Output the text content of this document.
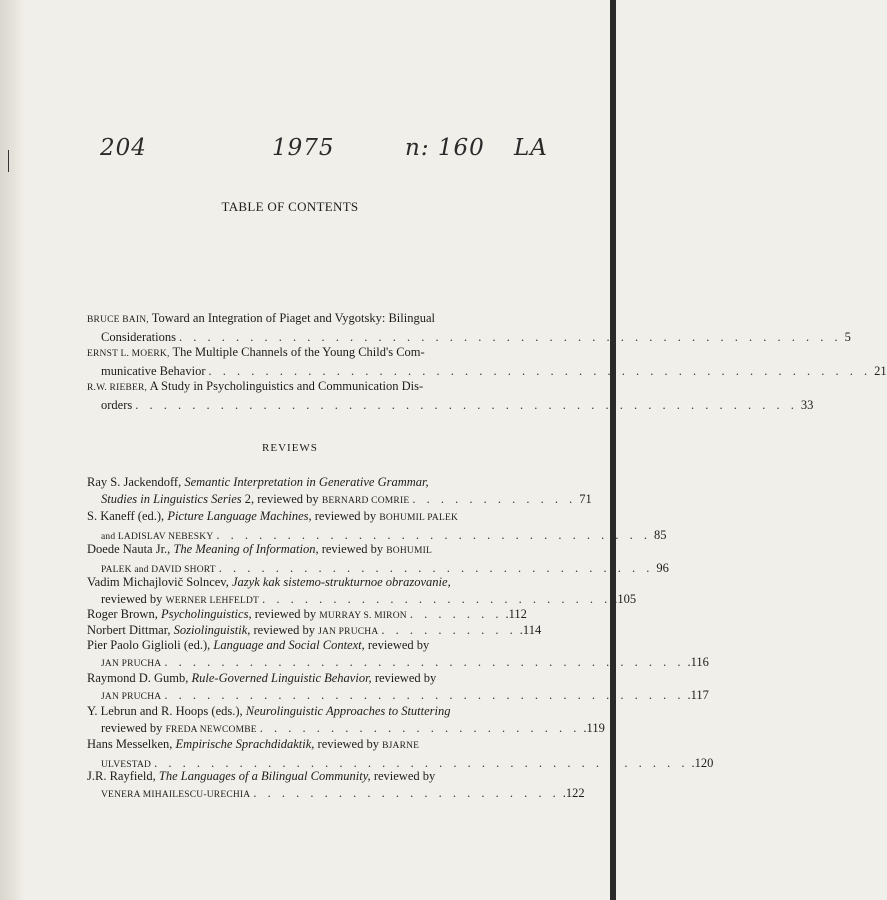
204	1975	n: 160 LA
TABLE OF CONTENTS
BRUCE BAIN, Toward an Integration of Piaget and Vygotsky: Bilingual
Considerations . . . . . . . . . . . . . . . . . . . . . . . . . . . . . . . . . . . . . . . . . . . . . . . 5
ERNST L. MOERK, The Multiple Channels of the Young Child's Com-
municative Behavior . . . . . . . . . . . . . . . . . . . . . . . . . . . . . . . . . . . . . . . . . . . . . . . 21
R.W. RIEBER, A Study in Psycholinguistics and Communication Dis-
orders . . . . . . . . . . . . . . . . . . . . . . . . . . . . . . . . . . . . . . . . . . . . . . . 33
REVIEWS
Ray S. Jackendoff, Semantic Interpretation in Generative Grammar,
Studies in Linguistics Series 2, reviewed by BERNARD COMRIE . . . . . . . . . . . . 71
S. Kaneff (ed.), Picture Language Machines, reviewed by BOHUMIL PALEK
and LADISLAV NEBESKY . . . . . . . . . . . . . . . . . . . . . . . . . . . . . . . 85
Doede Nauta Jr., The Meaning of Information, reviewed by BOHUMIL
PALEK and DAVID SHORT . . . . . . . . . . . . . . . . . . . . . . . . . . . . . . . 96
Vadim Michajlovič Solncev, Jazyk kak sistemo-strukturnoe obrazovanie,
reviewed by WERNER LEHFELDT . . . . . . . . . . . . . . . . . . . . . . . . . .105
Roger Brown, Psycholinguistics, reviewed by MURRAY S. MIRON . . . . . . . .112
Norbert Dittmar, Soziolinguistik, reviewed by JAN PRUCHA . . . . . . . . . . .114
Pier Paolo Giglioli (ed.), Language and Social Context, reviewed by
JAN PRUCHA . . . . . . . . . . . . . . . . . . . . . . . . . . . . . . . . . . . . . .116
Raymond D. Gumb, Rule-Governed Linguistic Behavior, reviewed by
JAN PRUCHA . . . . . . . . . . . . . . . . . . . . . . . . . . . . . . . . . . . . . .117
Y. Lebrun and R. Hoops (eds.), Neurolinguistic Approaches to Stuttering
reviewed by FREDA NEWCOMBE . . . . . . . . . . . . . . . . . . . . . . . .119
Hans Messelken, Empirische Sprachdidaktik, reviewed by BJARNE
ULVESTAD . . . . . . . . . . . . . . . . . . . . . . . . . . . . . . . . . . . . . . .120
J.R. Rayfield, The Languages of a Bilingual Community, reviewed by
VENERA MIHAILESCU-URECHIA . . . . . . . . . . . . . . . . . . . . . . .122
